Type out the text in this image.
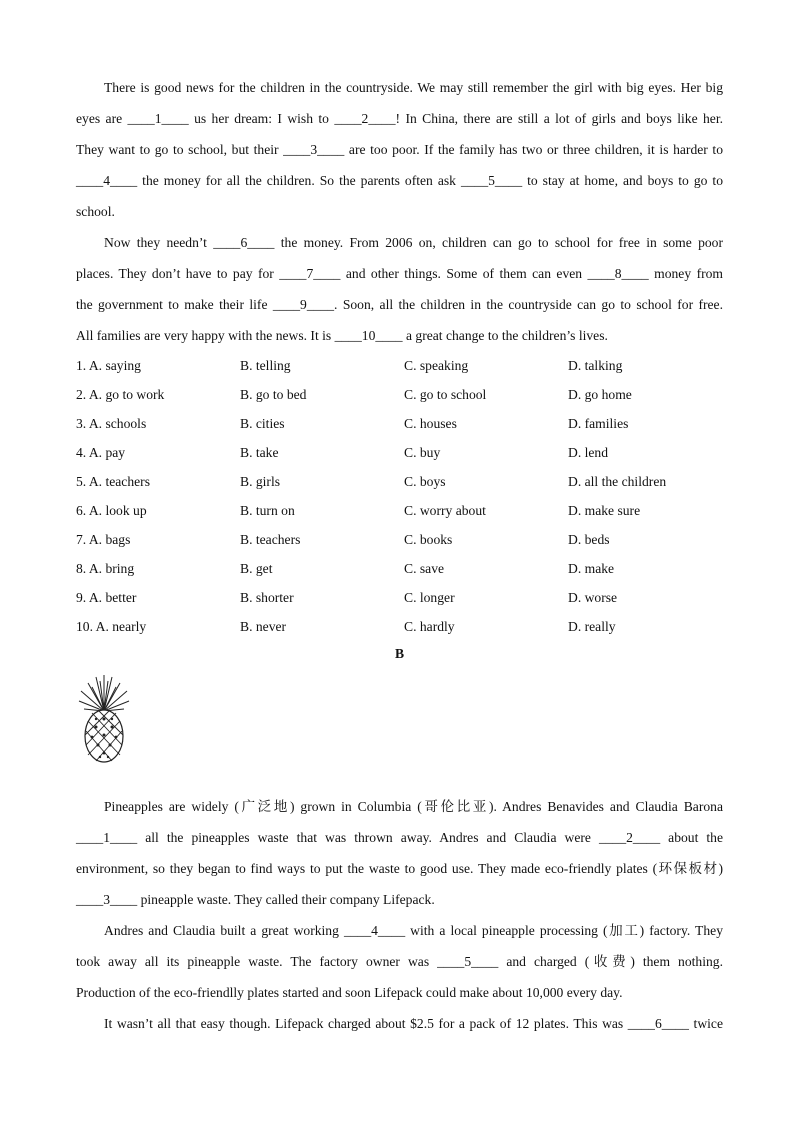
There is good news for the children in the countryside. We may still remember the girl with big eyes. Her big
eyes are ____1____ us her dream: I wish to ____2____! In China, there are still a lot of girls and boys like her.
They want to go to school, but their ____3____ are too poor. If the family has two or three children, it is harder to
____4____ the money for all the children. So the parents often ask ____5____ to stay at home, and boys to go to
school.
Now they needn’t ____6____ the money. From 2006 on, children can go to school for free in some poor
places. They don’t have to pay for ____7____ and other things. Some of them can even ____8____ money from
the government to make their life ____9____. Soon, all the children in the countryside can go to school for free.
All families are very happy with the news. It is ____10____ a great change to the children’s lives.
1. A. saying	B. telling	C. speaking	D. talking
2. A. go to work	B. go to bed	C. go to school	D. go home
3. A. schools	B. cities	C. houses	D. families
4. A. pay	B. take	C. buy	D. lend
5. A. teachers	B. girls	C. boys	D. all the children
6. A. look up	B. turn on	C. worry about	D. make sure
7. A. bags	B. teachers	C. books	D. beds
8. A. bring	B. get	C. save	D. make
9. A. better	B. shorter	C. longer	D. worse
10. A. nearly	B. never	C. hardly	D. really
B
Pineapples are widely (广泛地) grown in Columbia (哥伦比亚). Andres Benavides and Claudia Barona
____1____ all the pineapples waste that was thrown away. Andres and Claudia were ____2____ about the
environment, so they began to find ways to put the waste to good use. They made eco-friendly plates (环保板材)
____3____ pineapple waste. They called their company Lifepack.
Andres and Claudia built a great working ____4____ with a local pineapple processing (加工) factory. They
took away all its pineapple waste. The factory owner was ____5____ and charged (收费) them nothing.
Production of the eco-friendlly plates started and soon Lifepack could make about 10,000 every day.
It wasn’t all that easy though. Lifepack charged about $2.5 for a pack of 12 plates. This was ____6____ twice
